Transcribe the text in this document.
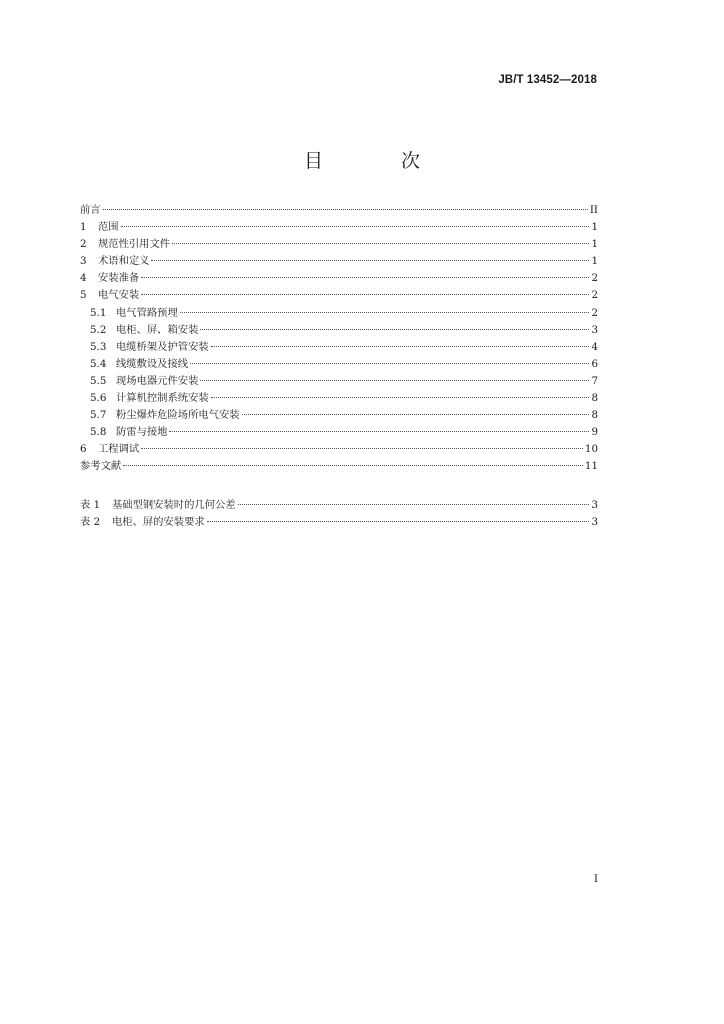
JB/T 13452—2018
目 次
前言	II
1	范围	1
2	规范性引用文件	1
3	术语和定义	1
4	安装准备	2
5	电气安装	2
5.1 电气管路预埋	2
5.2 电柜、屏、箱安装	3
5.3 电缆桥架及护管安装	4
5.4 线缆敷设及接线	6
5.5 现场电器元件安装	7
5.6 计算机控制系统安装	8
5.7 粉尘爆炸危险场所电气安装	8
5.8 防雷与接地	9
6	工程调试	10
参考文献	11
表 1	基础型钢安装时的几何公差	3
表 2	电柜、屏的安装要求	3
I
